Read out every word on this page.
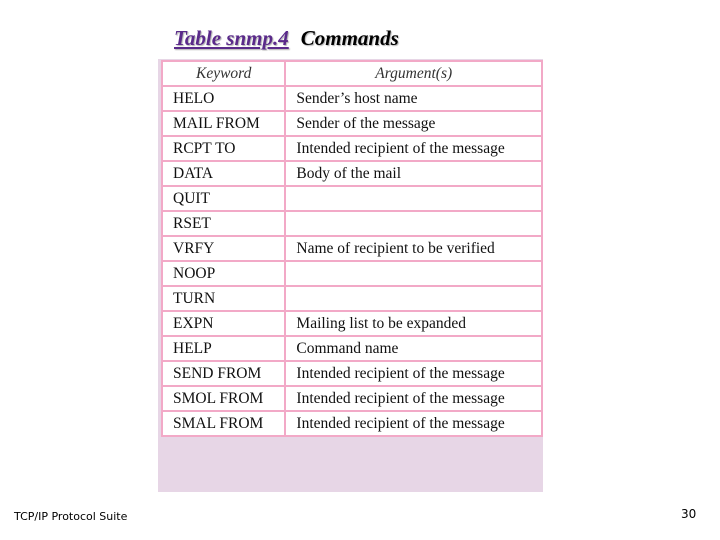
Table snmp.4 Commands
Keyword	Argument(s)
HELO	Sender’s host name
MAIL FROM	Sender of the message
RCPT TO	Intended recipient of the message
DATA	Body of the mail
QUIT	
RSET	
VRFY	Name of recipient to be verified
NOOP	
TURN	
EXPN	Mailing list to be expanded
HELP	Command name
SEND FROM	Intended recipient of the message
SMOL FROM	Intended recipient of the message
SMAL FROM	Intended recipient of the message
TCP/IP Protocol Suite	30
